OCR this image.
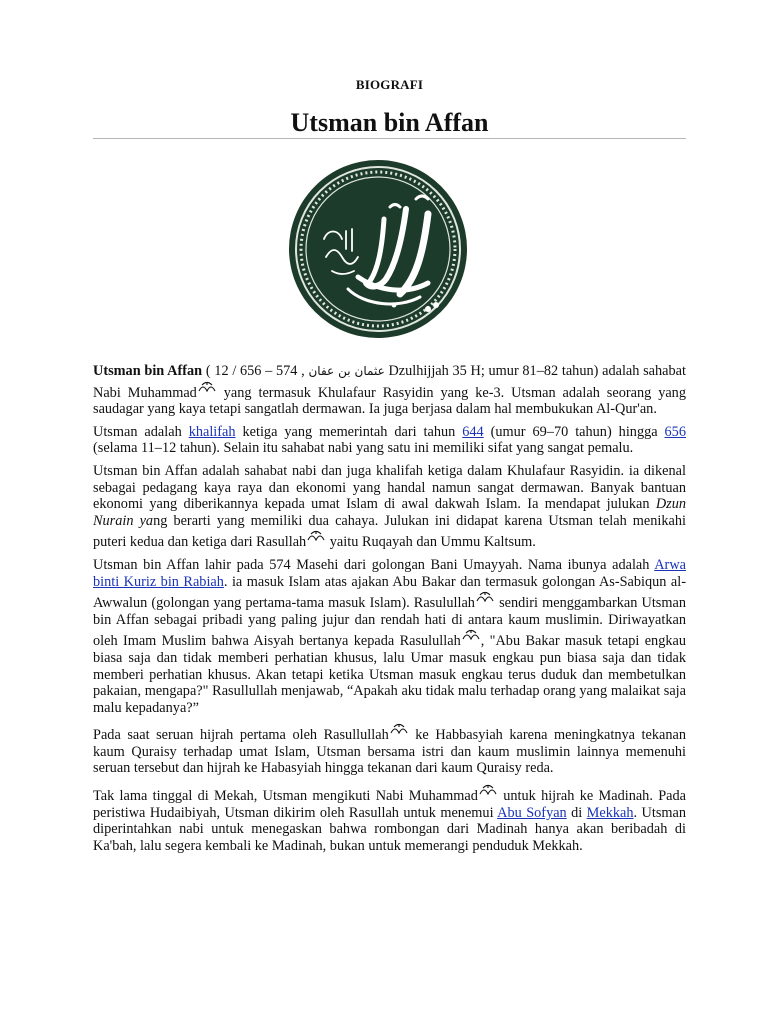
BIOGRAFI
Utsman bin Affan

Utsman bin Affan ( 12 / 656 – 574 , عثمان بن عفان Dzulhijjah 35 H; umur 81–82 tahun) adalah sahabat Nabi Muhammad yang termasuk Khulafaur Rasyidin yang ke-3. Utsman adalah seorang yang saudagar yang kaya tetapi sangatlah dermawan. Ia juga berjasa dalam hal membukukan Al-Qur'an.

Utsman adalah khalifah ketiga yang memerintah dari tahun 644 (umur 69–70 tahun) hingga 656 (selama 11–12 tahun). Selain itu sahabat nabi yang satu ini memiliki sifat yang sangat pemalu.

Utsman bin Affan adalah sahabat nabi dan juga khalifah ketiga dalam Khulafaur Rasyidin. ia dikenal sebagai pedagang kaya raya dan ekonomi yang handal namun sangat dermawan. Banyak bantuan ekonomi yang diberikannya kepada umat Islam di awal dakwah Islam. Ia mendapat julukan Dzun Nurain yang berarti yang memiliki dua cahaya. Julukan ini didapat karena Utsman telah menikahi puteri kedua dan ketiga dari Rasullah yaitu Ruqayah dan Ummu Kaltsum.

Utsman bin Affan lahir pada 574 Masehi dari golongan Bani Umayyah. Nama ibunya adalah Arwa binti Kuriz bin Rabiah. ia masuk Islam atas ajakan Abu Bakar dan termasuk golongan As-Sabiqun al-Awwalun (golongan yang pertama-tama masuk Islam). Rasulullah sendiri menggambarkan Utsman bin Affan sebagai pribadi yang paling jujur dan rendah hati di antara kaum muslimin. Diriwayatkan oleh Imam Muslim bahwa Aisyah bertanya kepada Rasulullah , "Abu Bakar masuk tetapi engkau biasa saja dan tidak memberi perhatian khusus, lalu Umar masuk engkau pun biasa saja dan tidak memberi perhatian khusus. Akan tetapi ketika Utsman masuk engkau terus duduk dan membetulkan pakaian, mengapa?" Rasullullah menjawab, “Apakah aku tidak malu terhadap orang yang malaikat saja malu kepadanya?”

Pada saat seruan hijrah pertama oleh Rasullullah ke Habbasyiah karena meningkatnya tekanan kaum Quraisy terhadap umat Islam, Utsman bersama istri dan kaum muslimin lainnya memenuhi seruan tersebut dan hijrah ke Habasyiah hingga tekanan dari kaum Quraisy reda.

Tak lama tinggal di Mekah, Utsman mengikuti Nabi Muhammad untuk hijrah ke Madinah. Pada peristiwa Hudaibiyah, Utsman dikirim oleh Rasullah untuk menemui Abu Sofyan di Mekkah. Utsman diperintahkan nabi untuk menegaskan bahwa rombongan dari Madinah hanya akan beribadah di Ka'bah, lalu segera kembali ke Madinah, bukan untuk memerangi penduduk Mekkah.
